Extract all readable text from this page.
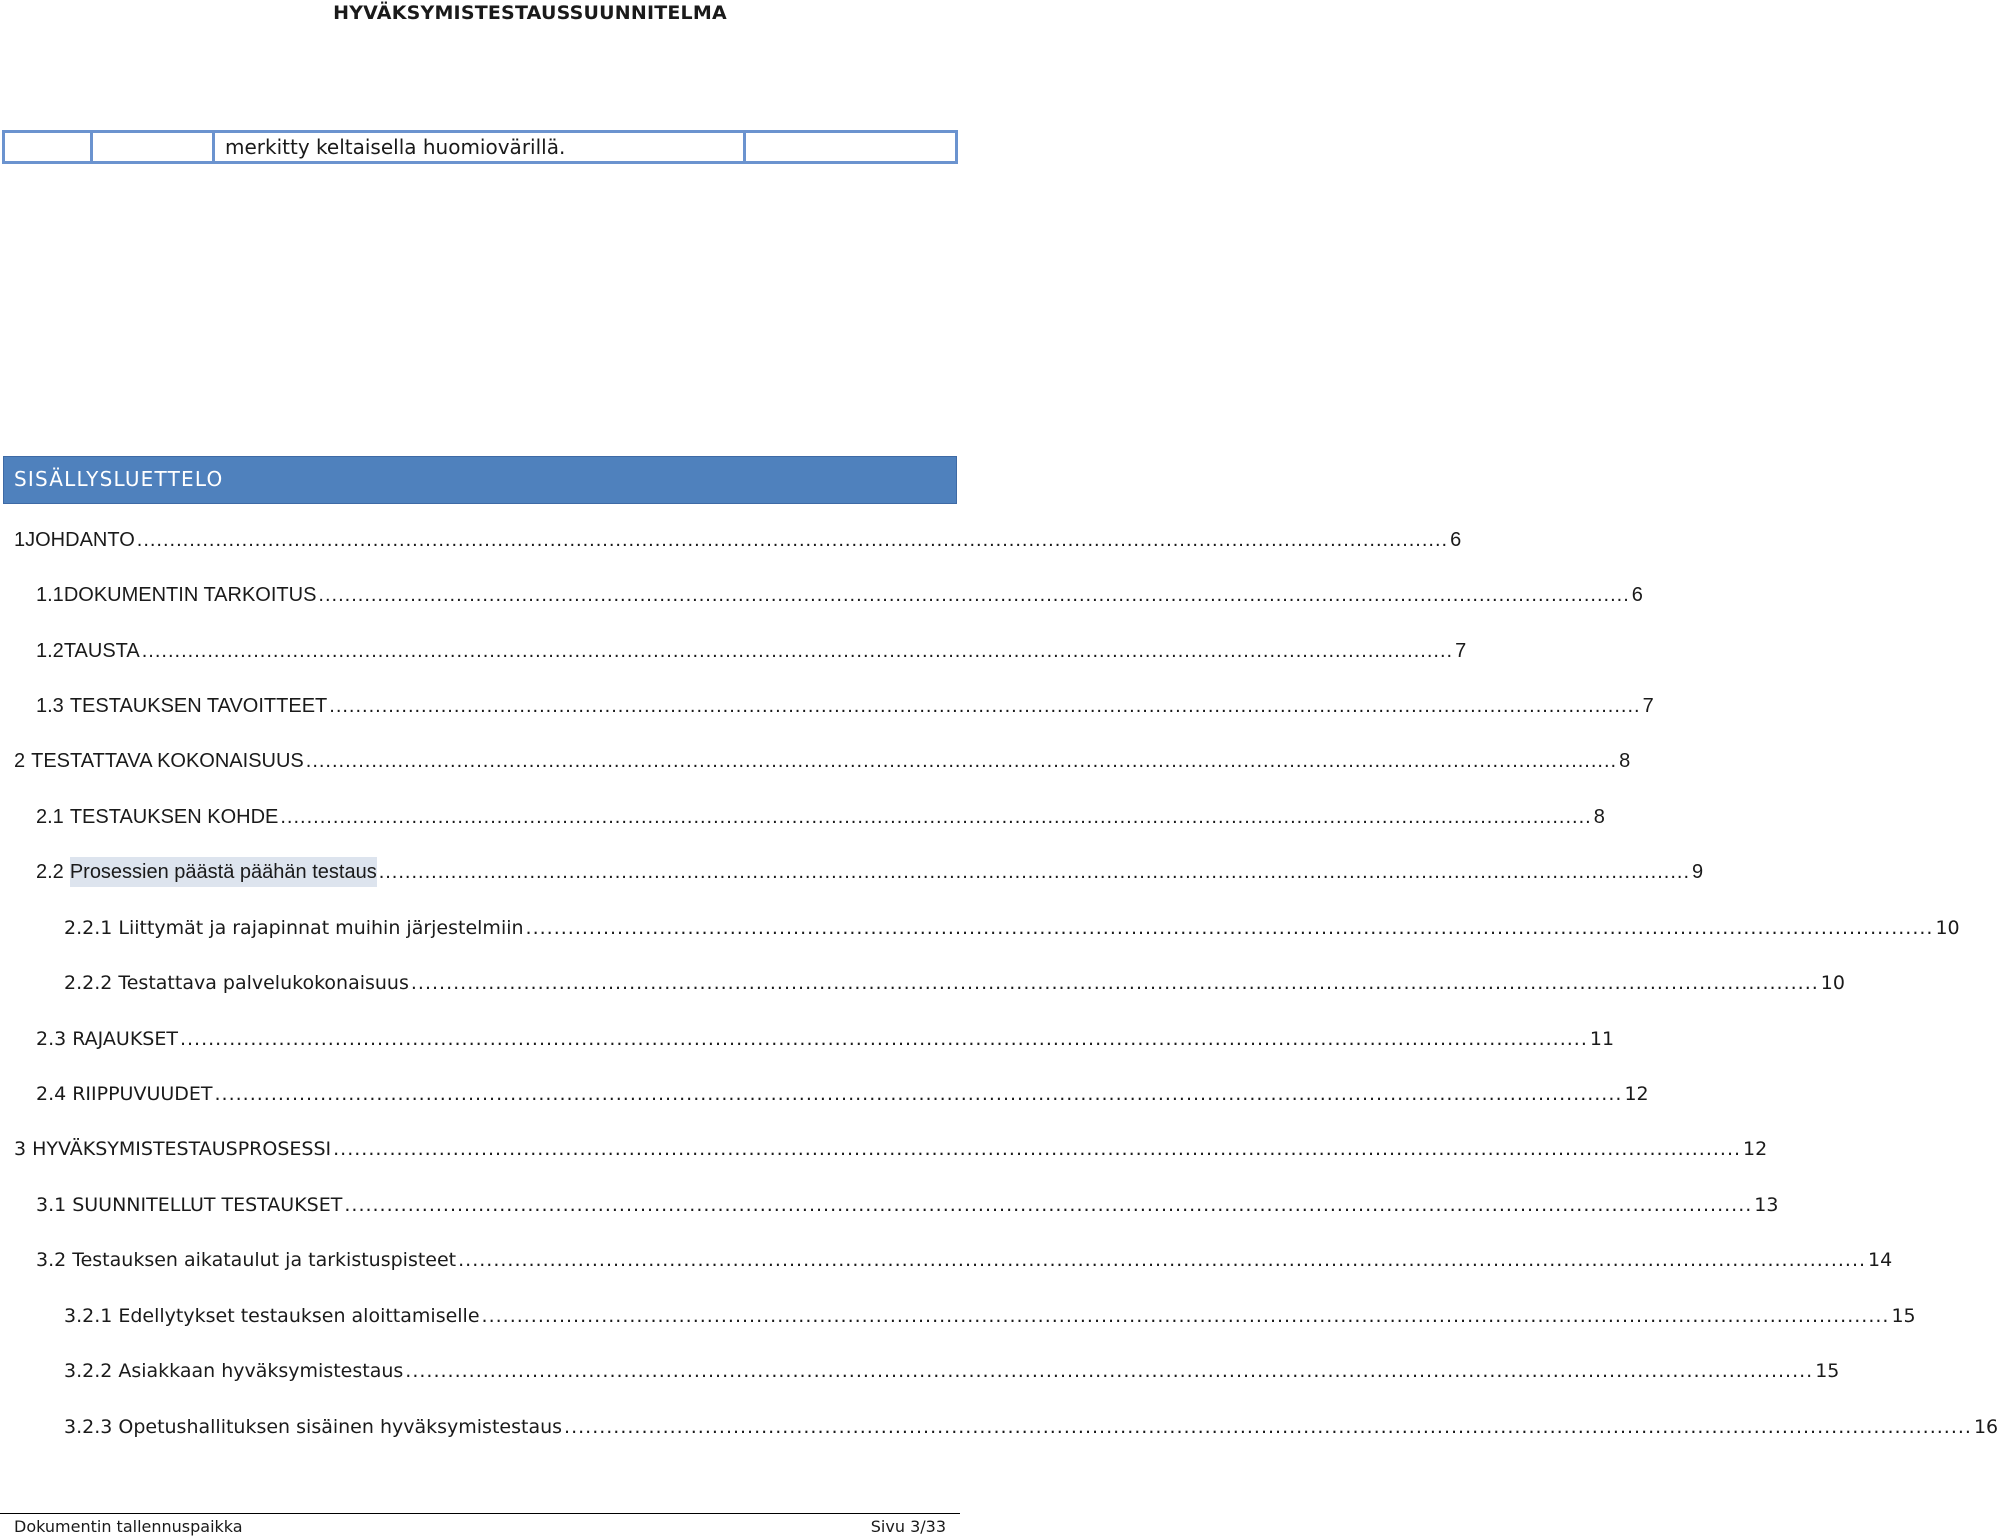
HYVÄKSYMISTESTAUSSUUNNITELMA
		merkitty keltaisella huomiovärillä.	
SISÄLLYSLUETTELO
1 JOHDANTO ........................................................................................................................................................................................................ 6
1.1 DOKUMENTIN TARKOITUS ........................................................................................................................................................................................................ 6
1.2 TAUSTA ........................................................................................................................................................................................................ 7
1.3 TESTAUKSEN TAVOITTEET ........................................................................................................................................................................................................ 7
2 TESTATTAVA KOKONAISUUS ........................................................................................................................................................................................................ 8
2.1 TESTAUKSEN KOHDE ........................................................................................................................................................................................................ 8
2.2 Prosessien päästä päähän testaus ........................................................................................................................................................................................................ 9
2.2.1 Liittymät ja rajapinnat muihin järjestelmiin ........................................................................................................................................................................................................ 10
2.2.2 Testattava palvelukokonaisuus ........................................................................................................................................................................................................ 10
2.3 RAJAUKSET ........................................................................................................................................................................................................ 11
2.4 RIIPPUVUUDET ........................................................................................................................................................................................................ 12
3 HYVÄKSYMISTESTAUSPROSESSI ........................................................................................................................................................................................................ 12
3.1 SUUNNITELLUT TESTAUKSET ........................................................................................................................................................................................................ 13
3.2 Testauksen aikataulut ja tarkistuspisteet ........................................................................................................................................................................................................ 14
3.2.1 Edellytykset testauksen aloittamiselle ........................................................................................................................................................................................................ 15
3.2.2 Asiakkaan hyväksymistestaus ........................................................................................................................................................................................................ 15
3.2.3 Opetushallituksen sisäinen hyväksymistestaus ........................................................................................................................................................................................................ 16
Dokumentin tallennuspaikka	Sivu 3/33
